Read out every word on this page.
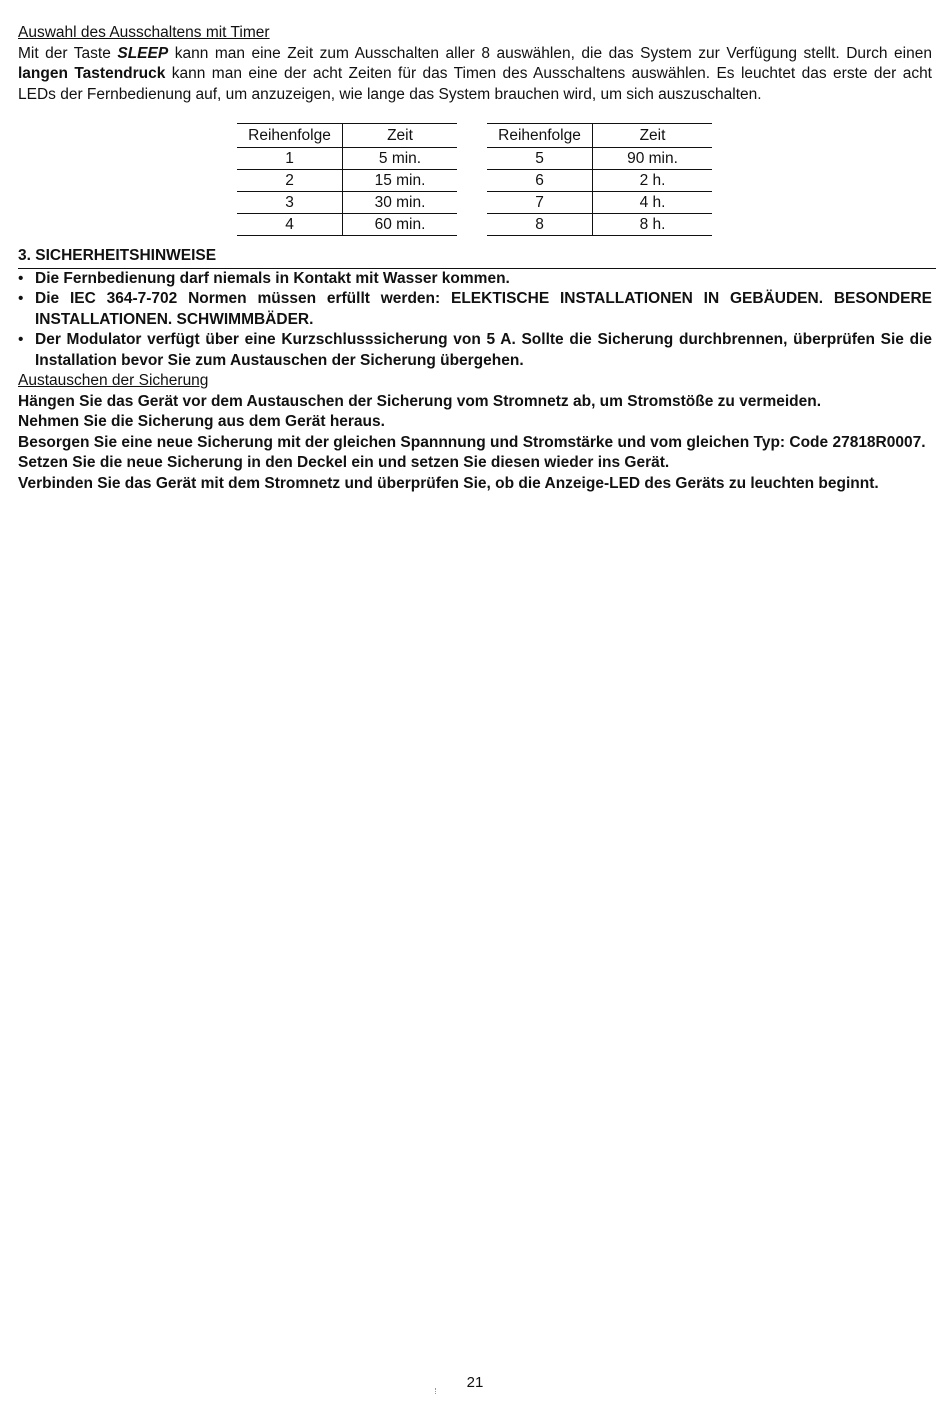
Auswahl des Ausschaltens mit Timer

Mit der Taste SLEEP kann man eine Zeit zum Ausschalten aller 8 auswählen, die das System zur Verfügung stellt. Durch einen langen Tastendruck kann man eine der acht Zeiten für das Timen des Ausschaltens auswählen. Es leuchtet das erste der acht LEDs der Fernbedienung auf, um anzuzeigen, wie lange das System brauchen wird, um sich auszuschalten.

Reihenfolge	Zeit
1	5 min.
2	15 min.
3	30 min.
4	60 min.
Reihenfolge	Zeit
5	90 min.
6	2 h.
7	4 h.
8	8 h.
3. SICHERHEITSHINWEISE
• Die Fernbedienung darf niemals in Kontakt mit Wasser kommen.
• Die IEC 364-7-702 Normen müssen erfüllt werden: ELEKTISCHE INSTALLATIONEN IN GEBÄUDEN. BESONDERE INSTALLATIONEN. SCHWIMMBÄDER.
• Der Modulator verfügt über eine Kurzschlusssicherung von 5 A. Sollte die Sicherung durchbrennen, überprüfen Sie die Installation bevor Sie zum Austauschen der Sicherung übergehen.

Austauschen der Sicherung

Hängen Sie das Gerät vor dem Austauschen der Sicherung vom Stromnetz ab, um Stromstöße zu vermeiden.

Nehmen Sie die Sicherung aus dem Gerät heraus.

Besorgen Sie eine neue Sicherung mit der gleichen Spannnung und Stromstärke und vom gleichen Typ: Code 27818R0007.

Setzen Sie die neue Sicherung in den Deckel ein und setzen Sie diesen wieder ins Gerät.

Verbinden Sie das Gerät mit dem Stromnetz und überprüfen Sie, ob die Anzeige-LED des Geräts zu leuchten beginnt.

21
